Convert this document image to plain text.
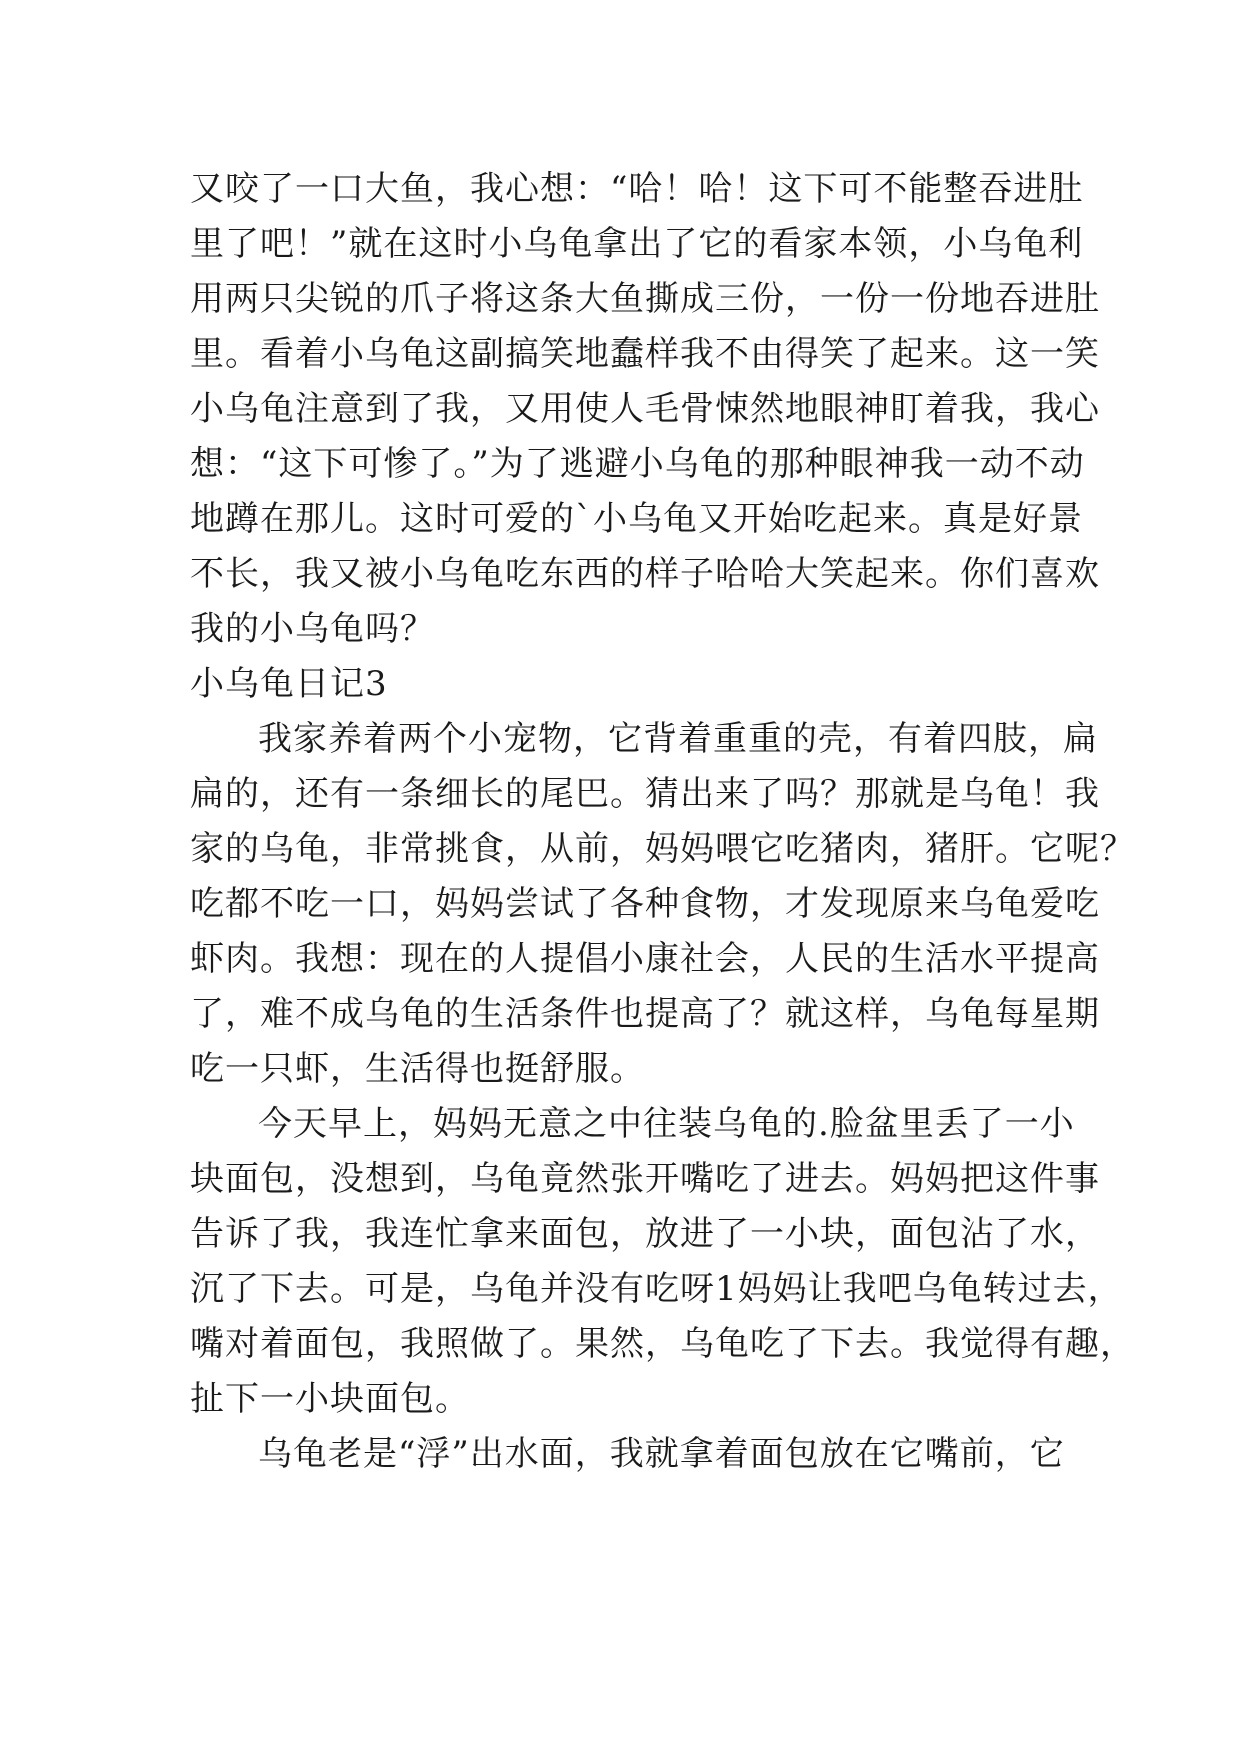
又咬了一口大鱼，我心想：“哈！哈！这下可不能整吞进肚
里了吧！”就在这时小乌龟拿出了它的看家本领，小乌龟利
用两只尖锐的爪子将这条大鱼撕成三份，一份一份地吞进肚
里。看着小乌龟这副搞笑地蠢样我不由得笑了起来。这一笑
小乌龟注意到了我，又用使人毛骨悚然地眼神盯着我，我心
想：“这下可惨了。”为了逃避小乌龟的那种眼神我一动不动
地蹲在那儿。这时可爱的`小乌龟又开始吃起来。真是好景
不长，我又被小乌龟吃东西的样子哈哈大笑起来。你们喜欢
我的小乌龟吗？
小乌龟日记3
我家养着两个小宠物，它背着重重的壳，有着四肢，扁
扁的，还有一条细长的尾巴。猜出来了吗？那就是乌龟！我
家的乌龟，非常挑食，从前，妈妈喂它吃猪肉，猪肝。它呢？
吃都不吃一口，妈妈尝试了各种食物，才发现原来乌龟爱吃
虾肉。我想：现在的人提倡小康社会，人民的生活水平提高
了，难不成乌龟的生活条件也提高了？就这样，乌龟每星期
吃一只虾，生活得也挺舒服。
今天早上，妈妈无意之中往装乌龟的.脸盆里丢了一小
块面包，没想到，乌龟竟然张开嘴吃了进去。妈妈把这件事
告诉了我，我连忙拿来面包，放进了一小块，面包沾了水，
沉了下去。可是，乌龟并没有吃呀1妈妈让我吧乌龟转过去，
嘴对着面包，我照做了。果然，乌龟吃了下去。我觉得有趣，
扯下一小块面包。
乌龟老是“浮”出水面，我就拿着面包放在它嘴前，它
